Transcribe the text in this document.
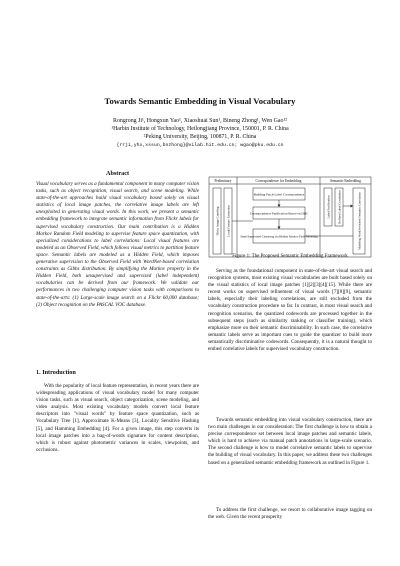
Towards Semantic Embedding in Visual Vocabulary
Rongrong Ji¹, Hongxun Yao¹, Xiaoshuai Sun¹, Bineng Zhong¹, Wen Gao¹²
¹Harbin Institute of Technology, Heilongjiang Province, 150001, P. R. China
²Peking University, Beijing, 100871, P. R. China
{rrji,yhx,xssun,bnzhong}@vilab.hit.edu.cn; wgao@pku.edu.cn
Abstract
Visual vocabulary serves as a fundamental component in many computer vision tasks, such as object recognition, visual search, and scene modeling. While state-of-the-art approaches build visual vocabulary based solely on visual statistics of local image patches, the correlative image labels are left unexploited in generating visual words. In this work, we present a semantic embedding framework to integrate semantic information from Flickr labels for supervised vocabulary construction. Our main contribution is a Hidden Markov Random Field modeling to supervise feature space quantization, with specialized considerations to label correlations: Local visual features are modeled as an Observed Field, which follows visual metrics to partition feature space. Semantic labels are modeled as a Hidden Field, which imposes generative supervision to the Observed Field with WordNet-based correlation constraints as Gibbs distribution. By simplifying the Markov property in the Hidden Field, both unsupervised and supervised (label independent) vocabularies can be derived from our framework. We validate our performances in two challenging computer vision tasks with comparisons to state-of-the-arts: (1) Large-scale image search on a Flickr 60,000 database; (2) Object recognition on the PASCAL VOC database.
1. Introduction
With the popularity of local feature representation, in recent years there are widespreading applications of visual vocabulary model for many computer vision tasks, such as visual search, object categorization, scene modeling, and video analysis. Most existing vocabulary models convert local feature descriptors into "visual words" by feature space quantization, such as Vocabulary Tree [1], Approximate K-Means [3], Locality Sensitive Hashing [5], and Hamming Embedding [4]. For a given image, this step converts its local image patches into a bag-of-words signature for content description, which is robust against photometric variances in scales, viewpoints, and occlusions.
Preliminary	Correspondence for Embedding	Semantic Embedding
Building Patch-Label Correspondence
Correspondence Purification Based on DDC
Semi-Supervised Clustering via Hidden Markov Field Modeling
Flickr Image Crawling Local Feature Extraction	Label Purification Refined Label Correlation	Modeling WordNet-based Semantic Correlation
Figure 1: The Proposed Semantic Embedding Framework
Serving as the foundational component in state-of-the-art visual search and recognition systems, most existing visual vocabularies are built based solely on the visual statistics of local image patches [1][2][3][4][15]. While there are recent works on supervised refinement of visual words [7][8][9], semantic labels, especially their labeling correlations, are still excluded from the vocabulary construction procedure so far. In contrast, in most visual search and recognition scenarios, the quantized codewords are processed together in the subsequent steps (such as similarity ranking or classifier training), which emphasize more on their semantic discriminability. In such case, the correlative semantic labels serve as important cues to guide the quantizer to build more semantically discriminative codewords. Consequently, it is a natural thought to embed correlative labels for supervised vocabulary construction.
Towards semantic embedding into visual vocabulary construction, there are two main challenges in our consideration: The first challenge is how to obtain a precise correspondence set between local image patches and semantic labels, which is hard to achieve via manual patch annotations in large-scale scenario. The second challenge is how to model correlative semantic labels to supervise the building of visual vocabulary. In this paper, we address these two challenges based on a generalized semantic embedding framework as outlined in Figure 1.
To address the first challenge, we resort to collaborative image tagging on the web. Given the recent prosperity
